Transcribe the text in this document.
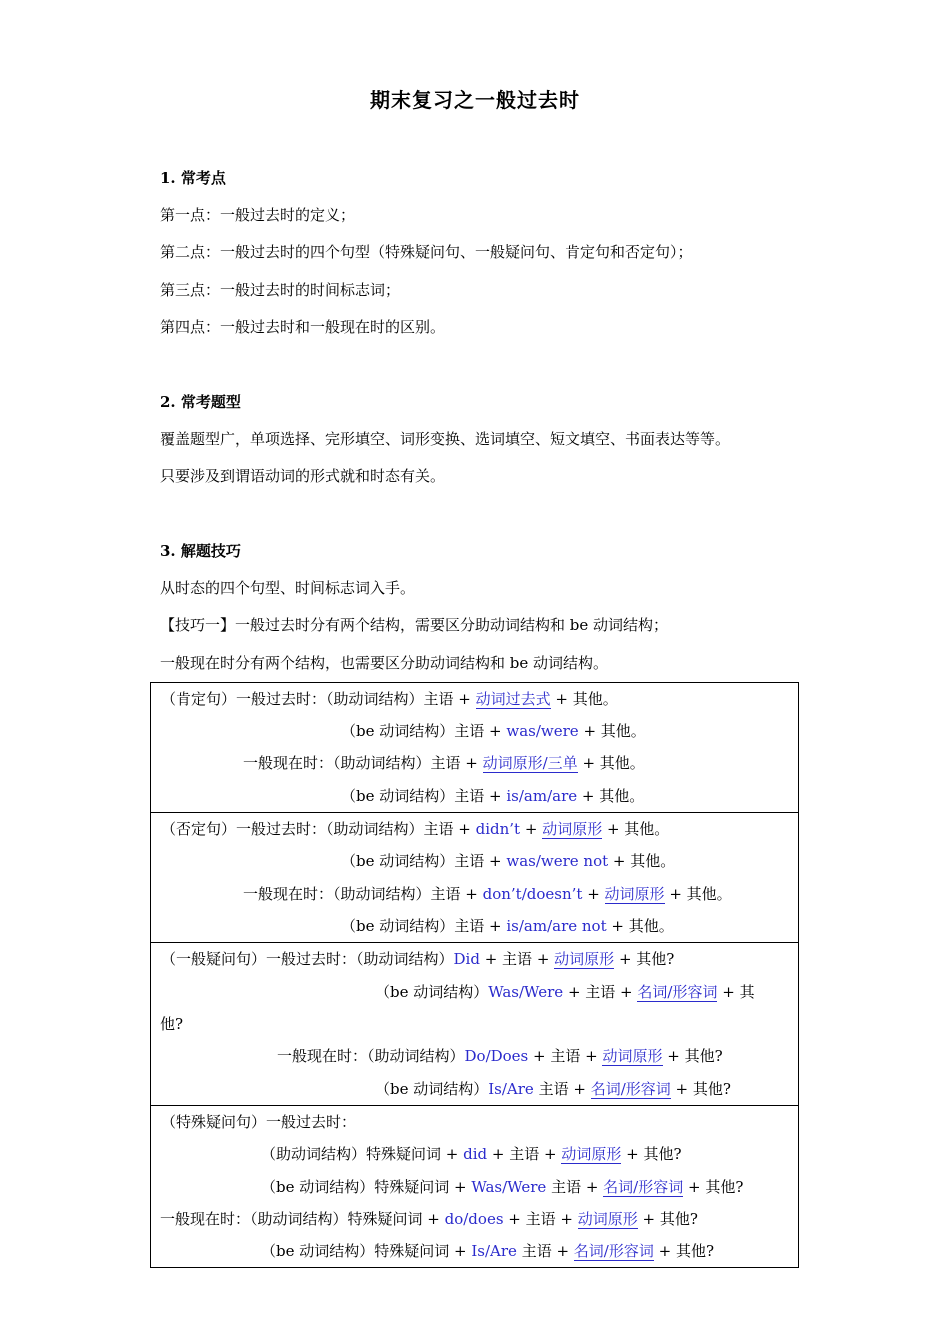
期末复习之一般过去时
1. 常考点
第一点：一般过去时的定义；
第二点：一般过去时的四个句型（特殊疑问句、一般疑问句、肯定句和否定句）；
第三点：一般过去时的时间标志词；
第四点：一般过去时和一般现在时的区别。
2. 常考题型
覆盖题型广，单项选择、完形填空、词形变换、选词填空、短文填空、书面表达等等。
只要涉及到谓语动词的形式就和时态有关。
3. 解题技巧
从时态的四个句型、时间标志词入手。
【技巧一】一般过去时分有两个结构，需要区分助动词结构和 be 动词结构；
一般现在时分有两个结构，也需要区分助动词结构和 be 动词结构。
（肯定句）一般过去时：（助动词结构）主语 + 动词过去式 + 其他。
（be 动词结构）主语 + was/were + 其他。
一般现在时：（助动词结构）主语 + 动词原形/三单 + 其他。
（be 动词结构）主语 + is/am/are + 其他。
（否定句）一般过去时：（助动词结构）主语 + didn’t + 动词原形 + 其他。
（be 动词结构）主语 + was/were not + 其他。
一般现在时：（助动词结构）主语 + don’t/doesn’t + 动词原形 + 其他。
（be 动词结构）主语 + is/am/are not + 其他。
（一般疑问句）一般过去时：（助动词结构）Did + 主语 + 动词原形 + 其他?
（be 动词结构）Was/Were + 主语 + 名词/形容词 + 其
他?
一般现在时：（助动词结构）Do/Does + 主语 + 动词原形 + 其他?
（be 动词结构）Is/Are 主语 + 名词/形容词 + 其他?
（特殊疑问句）一般过去时：
（助动词结构）特殊疑问词 + did + 主语 + 动词原形 + 其他?
（be 动词结构）特殊疑问词 + Was/Were 主语 + 名词/形容词 + 其他?
一般现在时：（助动词结构）特殊疑问词 + do/does + 主语 + 动词原形 + 其他?
（be 动词结构）特殊疑问词 + Is/Are 主语 + 名词/形容词 + 其他?
